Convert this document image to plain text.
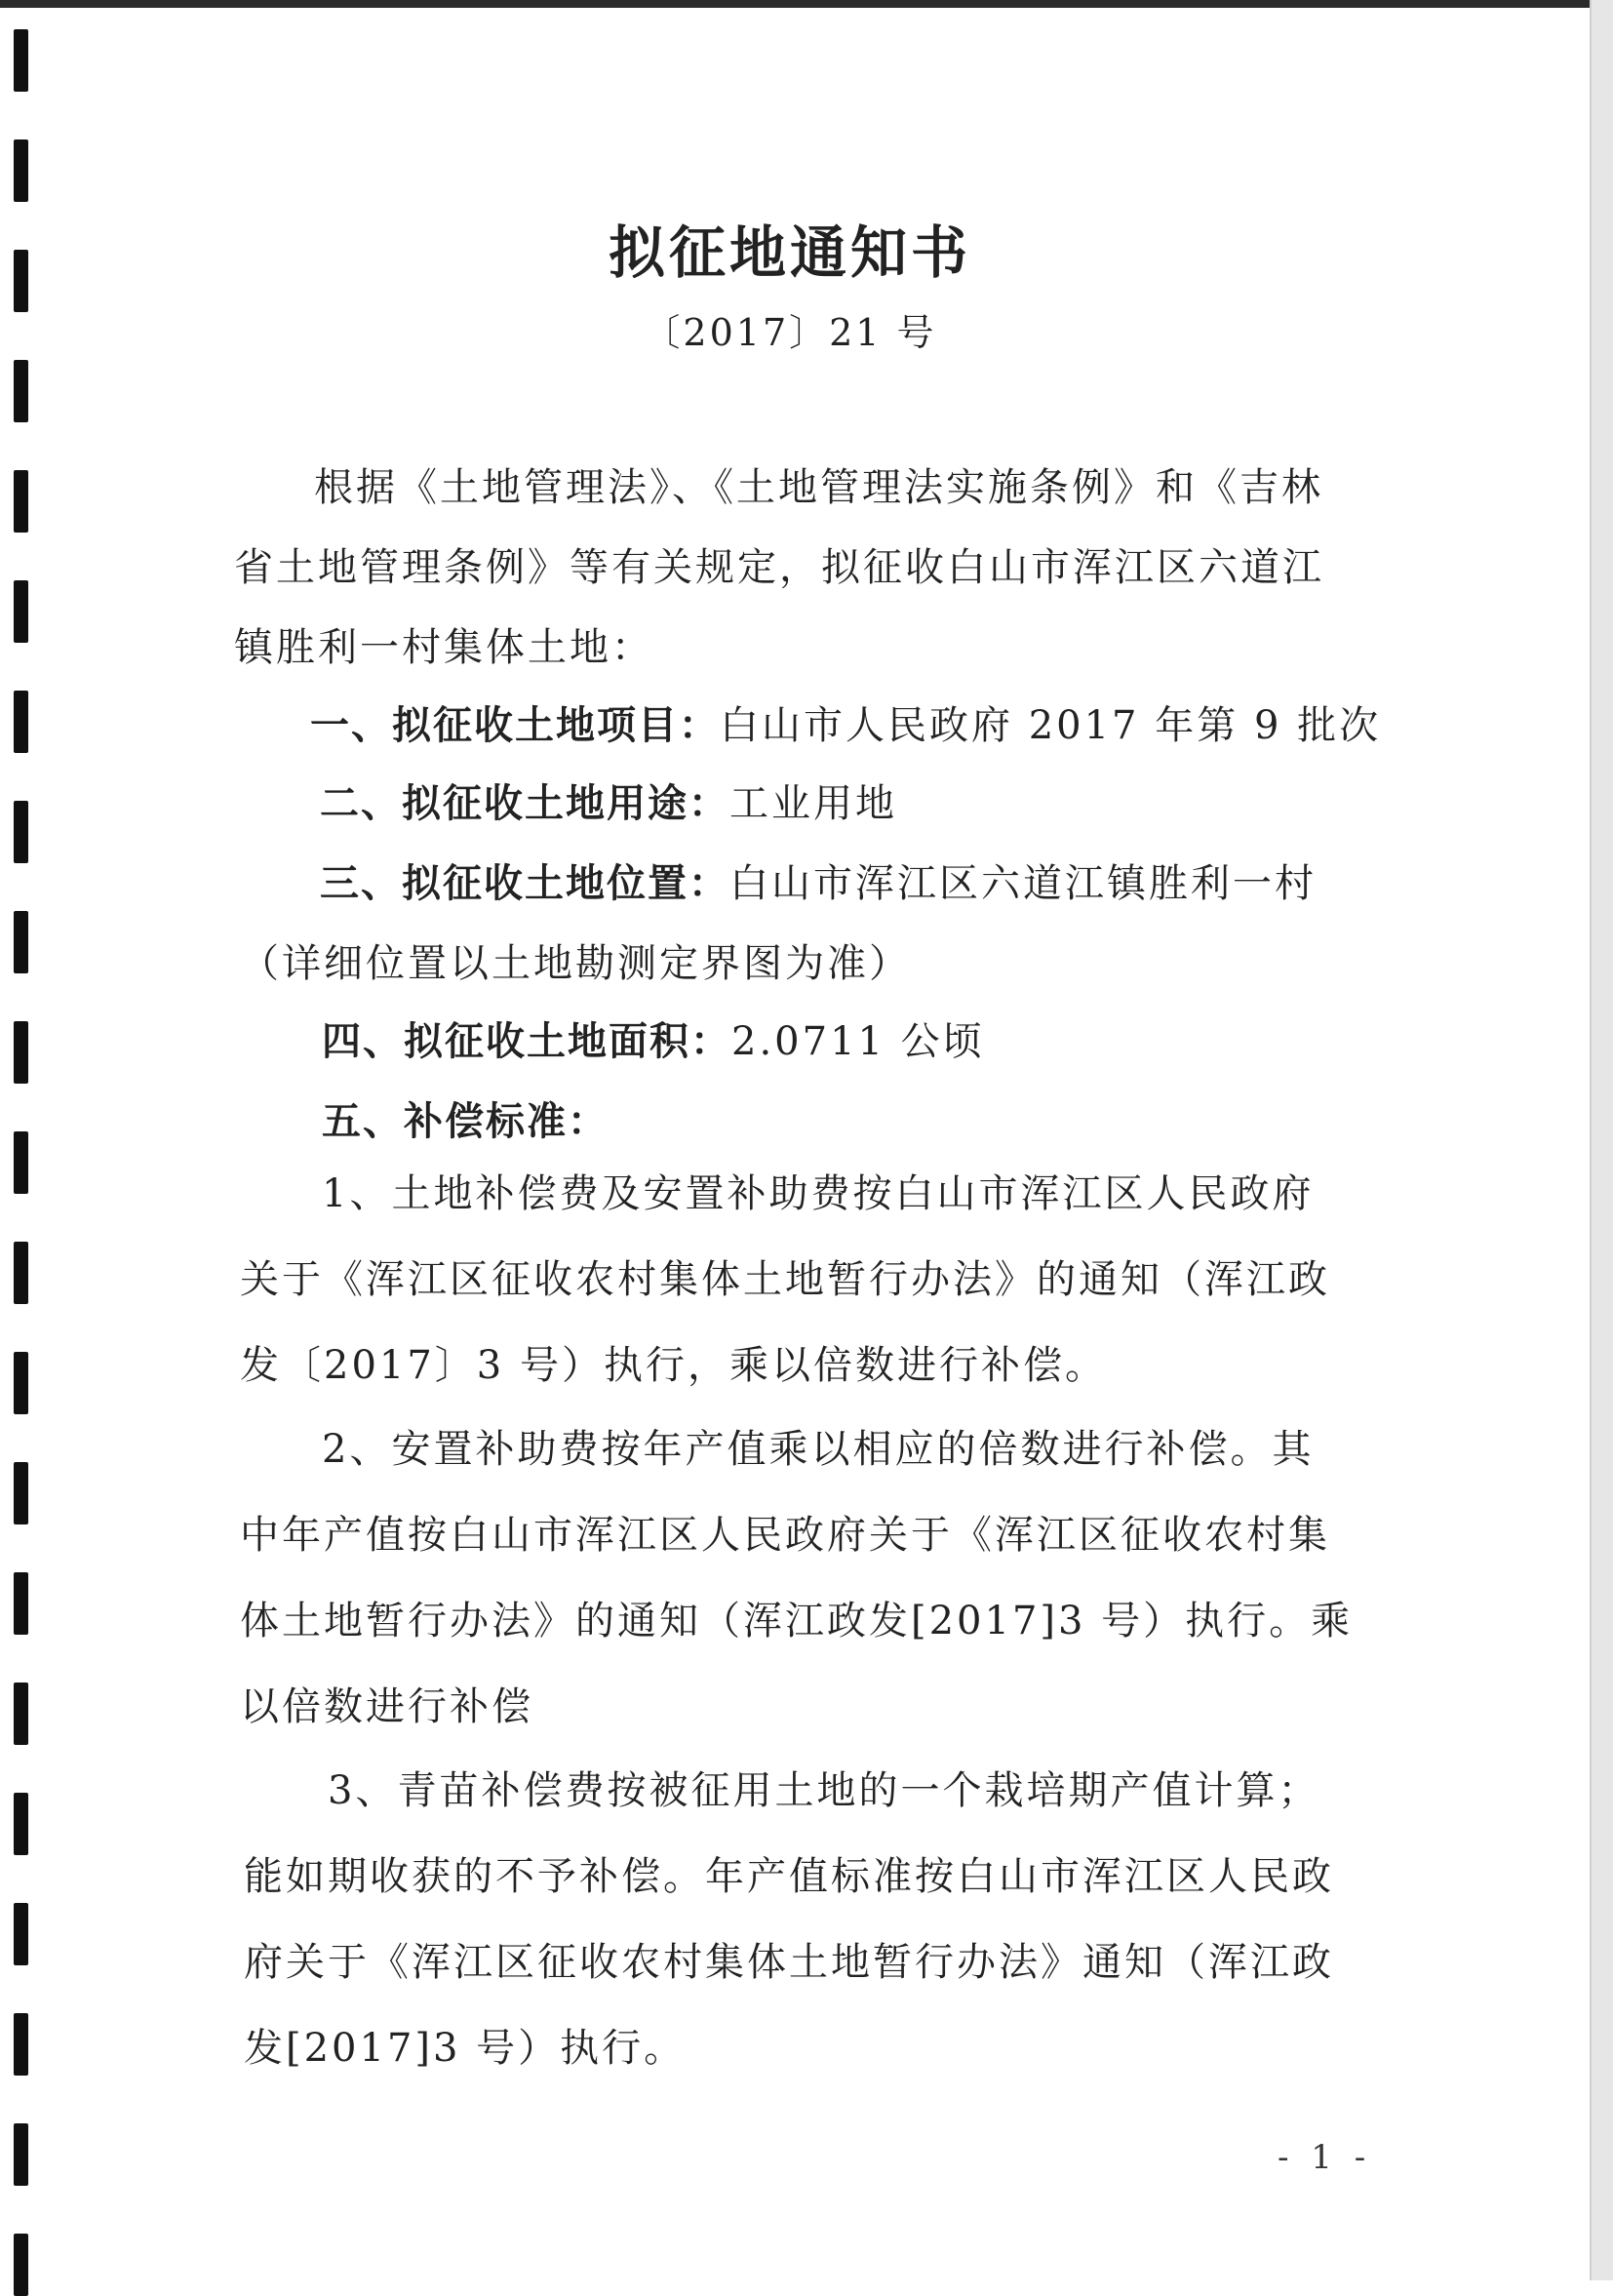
拟征地通知书
〔2017〕21 号
根据《土地管理法》、《土地管理法实施条例》和《吉林
省土地管理条例》等有关规定，拟征收白山市浑江区六道江
镇胜利一村集体土地：
一、拟征收土地项目：白山市人民政府 2017 年第 9 批次
二、拟征收土地用途：工业用地
三、拟征收土地位置：白山市浑江区六道江镇胜利一村
（详细位置以土地勘测定界图为准）
四、拟征收土地面积：2.0711 公顷
五、补偿标准：
1、土地补偿费及安置补助费按白山市浑江区人民政府
关于《浑江区征收农村集体土地暂行办法》的通知（浑江政
发〔2017〕3 号）执行，乘以倍数进行补偿。
2、安置补助费按年产值乘以相应的倍数进行补偿。其
中年产值按白山市浑江区人民政府关于《浑江区征收农村集
体土地暂行办法》的通知（浑江政发[2017]3 号）执行。乘
以倍数进行补偿
3、青苗补偿费按被征用土地的一个栽培期产值计算；
能如期收获的不予补偿。年产值标准按白山市浑江区人民政
府关于《浑江区征收农村集体土地暂行办法》通知（浑江政
发[2017]3 号）执行。
- 1 -
